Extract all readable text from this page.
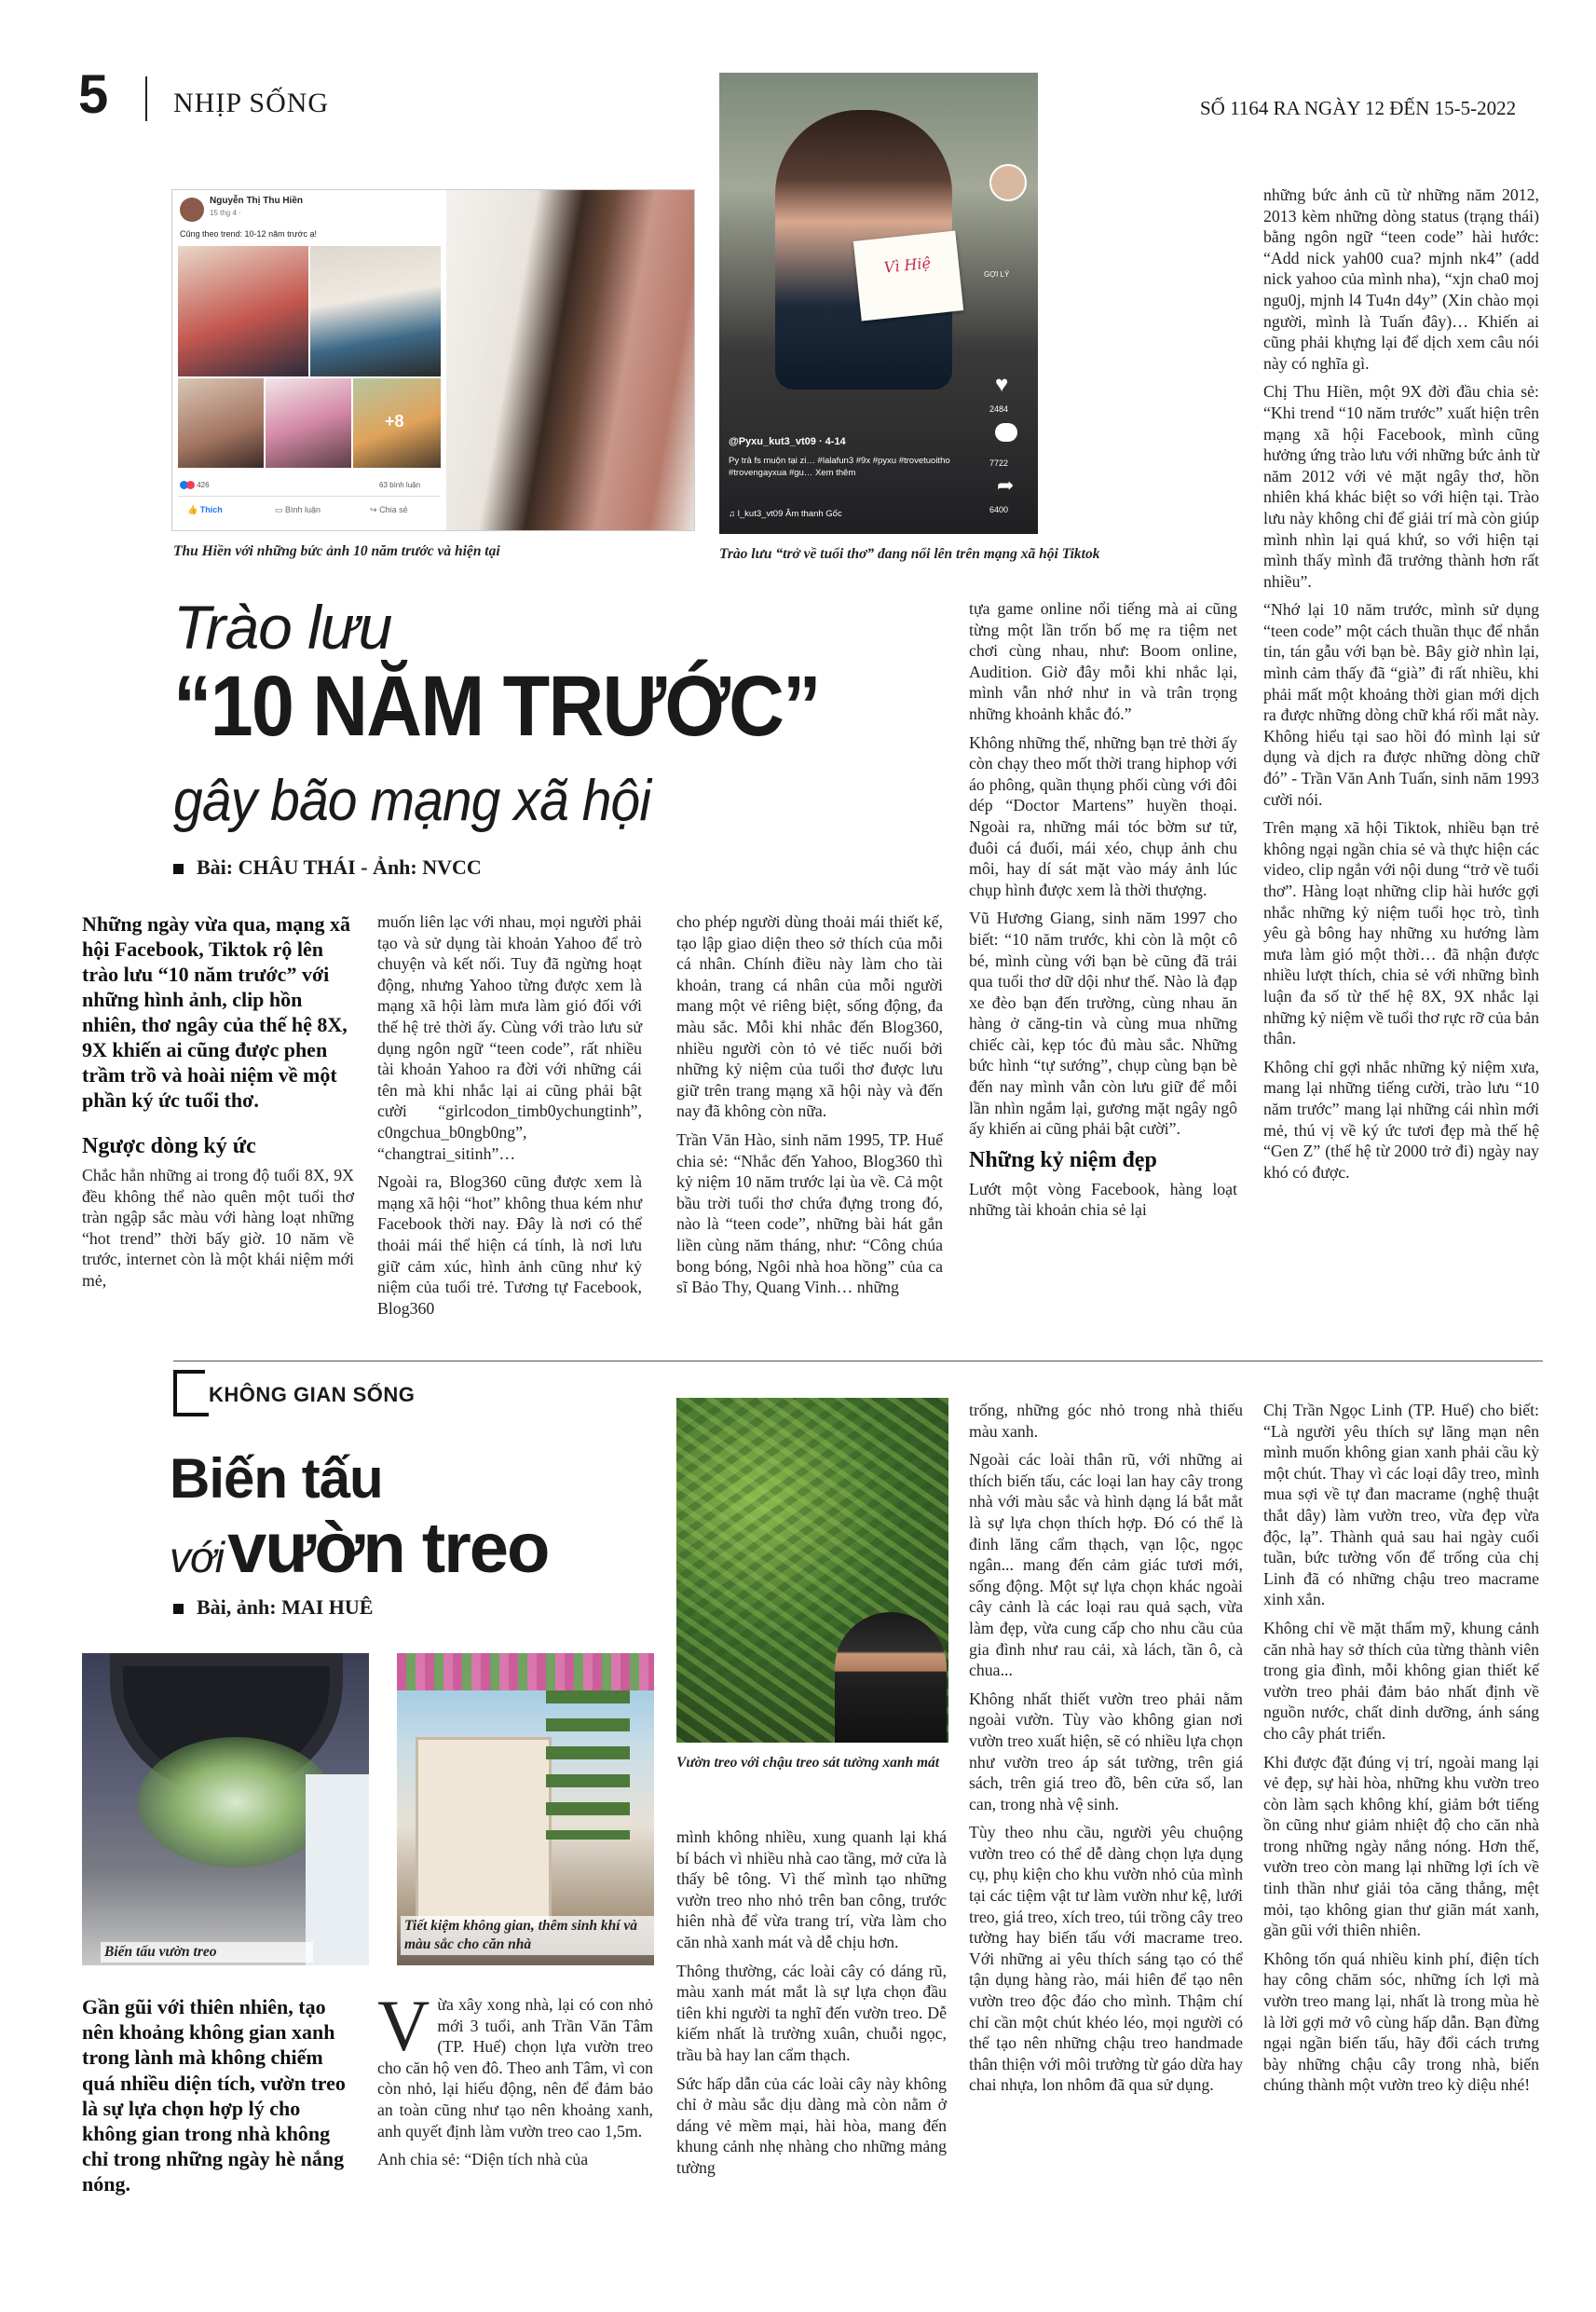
5 NHỊP SỐNG	SỐ 1164 RA NGÀY 12 ĐẾN 15-5-2022
Nguyễn Thị Thu Hiền
15 thg 4 ·
Cũng theo trend: 10-12 năm trước ạ!
+8
426	63 bình luận
👍 Thích	▭ Bình luận	↪ Chia sẻ
Thu Hiền với những bức ảnh 10 năm trước và hiện tại
Vì Hiệ	GỢI LÝ
♥
2484
7722
➦
6400
@Pyxu_kut3_vt09 · 4-14
Py trả fs muộn tại zi… #lalafun3 #9x #pyxu #trovetuoitho #trovengayxua #gu… Xem thêm
♫ l_kut3_vt09 Âm thanh Gốc
Trào lưu “trở về tuổi thơ” đang nổi lên trên mạng xã hội Tiktok
Trào lưu
“10 NĂM TRƯỚC”
gây bão mạng xã hội
Bài: CHÂU THÁI - Ảnh: NVCC
Những ngày vừa qua, mạng xã hội Facebook, Tiktok rộ lên trào lưu “10 năm trước” với những hình ảnh, clip hồn nhiên, thơ ngây của thế hệ 8X, 9X khiến ai cũng được phen trầm trồ và hoài niệm về một phần ký ức tuổi thơ.
Ngược dòng ký ức

Chắc hẳn những ai trong độ tuổi 8X, 9X đều không thể nào quên một tuổi thơ tràn ngập sắc màu với hàng loạt những “hot trend” thời bấy giờ. 10 năm về trước, internet còn là một khái niệm mới mẻ,

muốn liên lạc với nhau, mọi người phải tạo và sử dụng tài khoản Yahoo để trò chuyện và kết nối. Tuy đã ngừng hoạt động, nhưng Yahoo từng được xem là mạng xã hội làm mưa làm gió đối với thế hệ trẻ thời ấy. Cùng với trào lưu sử dụng ngôn ngữ “teen code”, rất nhiều tài khoản Yahoo ra đời với những cái tên mà khi nhắc lại ai cũng phải bật cười “girlcodon_timb0ychungtinh”, c0ngchua_b0ngb0ng”, “changtrai_sitinh”…

Ngoài ra, Blog360 cũng được xem là mạng xã hội “hot” không thua kém như Facebook thời nay. Đây là nơi có thể thoải mái thể hiện cá tính, là nơi lưu giữ cảm xúc, hình ảnh cũng như kỷ niệm của tuổi trẻ. Tương tự Facebook, Blog360

cho phép người dùng thoải mái thiết kế, tạo lập giao diện theo sở thích của mỗi cá nhân. Chính điều này làm cho tài khoản, trang cá nhân của mỗi người mang một vẻ riêng biệt, sống động, đa màu sắc. Mỗi khi nhắc đến Blog360, nhiều người còn tỏ vẻ tiếc nuối bởi những kỷ niệm của tuổi thơ được lưu giữ trên trang mạng xã hội này và đến nay đã không còn nữa.

Trần Văn Hào, sinh năm 1995, TP. Huế chia sẻ: “Nhắc đến Yahoo, Blog360 thì kỷ niệm 10 năm trước lại ùa về. Cả một bầu trời tuổi thơ chứa đựng trong đó, nào là “teen code”, những bài hát gắn liền cùng năm tháng, như: “Công chúa bong bóng, Ngôi nhà hoa hồng” của ca sĩ Bảo Thy, Quang Vinh… những

tựa game online nổi tiếng mà ai cũng từng một lần trốn bố mẹ ra tiệm net chơi cùng nhau, như: Boom online, Audition. Giờ đây mỗi khi nhắc lại, mình vẫn nhớ như in và trân trọng những khoảnh khắc đó.”

Không những thế, những bạn trẻ thời ấy còn chạy theo mốt thời trang hiphop với áo phông, quần thụng phối cùng với đôi dép “Doctor Martens” huyền thoại. Ngoài ra, những mái tóc bờm sư tử, đuôi cá đuối, mái xéo, chụp ảnh chu môi, hay dí sát mặt vào máy ảnh lúc chụp hình được xem là thời thượng.

Vũ Hương Giang, sinh năm 1997 cho biết: “10 năm trước, khi còn là một cô bé, mình cùng với bạn bè cũng đã trải qua tuổi thơ dữ dội như thế. Nào là đạp xe đèo bạn đến trường, cùng nhau ăn hàng ở căng-tin và cùng mua những chiếc cài, kẹp tóc đủ màu sắc. Những bức hình “tự sướng”, chụp cùng bạn bè đến nay mình vẫn còn lưu giữ để mỗi lần nhìn ngắm lại, gương mặt ngây ngô ấy khiến ai cũng phải bật cười”.

Những kỷ niệm đẹp

Lướt một vòng Facebook, hàng loạt những tài khoản chia sẻ lại

những bức ảnh cũ từ những năm 2012, 2013 kèm những dòng status (trạng thái) bằng ngôn ngữ “teen code” hài hước: “Add nick yah00 cua? mjnh nk4” (add nick yahoo của mình nha), “xjn cha0 moj ngu0j, mjnh l4 Tu4n d4y” (Xin chào mọi người, mình là Tuấn đây)… Khiến ai cũng phải khựng lại để dịch xem câu nói này có nghĩa gì.

Chị Thu Hiền, một 9X đời đầu chia sẻ: “Khi trend “10 năm trước” xuất hiện trên mạng xã hội Facebook, mình cũng hưởng ứng trào lưu với những bức ảnh từ năm 2012 với vẻ mặt ngây thơ, hồn nhiên khá khác biệt so với hiện tại. Trào lưu này không chỉ để giải trí mà còn giúp mình nhìn lại quá khứ, so với hiện tại mình thấy mình đã trưởng thành hơn rất nhiều”.

“Nhớ lại 10 năm trước, mình sử dụng “teen code” một cách thuần thục để nhắn tin, tán gẫu với bạn bè. Bây giờ nhìn lại, mình cảm thấy đã “già” đi rất nhiều, khi phải mất một khoảng thời gian mới dịch ra được những dòng chữ khá rối mắt này. Không hiểu tại sao hồi đó mình lại sử dụng và dịch ra được những dòng chữ đó” - Trần Văn Anh Tuấn, sinh năm 1993 cười nói.

Trên mạng xã hội Tiktok, nhiều bạn trẻ không ngại ngần chia sẻ và thực hiện các video, clip ngắn với nội dung “trở về tuổi thơ”. Hàng loạt những clip hài hước gợi nhắc những kỷ niệm tuổi học trò, tình yêu gà bông hay những xu hướng làm mưa làm gió một thời… đã nhận được nhiều lượt thích, chia sẻ với những bình luận đa số từ thế hệ 8X, 9X nhắc lại những kỷ niệm về tuổi thơ rực rỡ của bản thân.

Không chỉ gợi nhắc những kỷ niệm xưa, mang lại những tiếng cười, trào lưu “10 năm trước” mang lại những cái nhìn mới mẻ, thú vị về ký ức tươi đẹp mà thế hệ “Gen Z” (thế hệ từ 2000 trở đi) ngày nay khó có được.

KHÔNG GIAN SỐNG
Biến tấu
với vườn treo
Bài, ảnh: MAI HUÊ
Biến tấu vườn treo
Tiết kiệm không gian, thêm sinh khí và màu sắc cho căn nhà
Vườn treo với chậu treo sát tường xanh mát
Gần gũi với thiên nhiên, tạo nên khoảng không gian xanh trong lành mà không chiếm quá nhiều diện tích, vườn treo là sự lựa chọn hợp lý cho không gian trong nhà không chỉ trong những ngày hè nắng nóng.

Vừa xây xong nhà, lại có con nhỏ mới 3 tuổi, anh Trần Văn Tâm (TP. Huế) chọn lựa vườn treo cho căn hộ ven đô. Theo anh Tâm, vì con còn nhỏ, lại hiếu động, nên để đảm bảo an toàn cũng như tạo nên khoảng xanh, anh quyết định làm vườn treo cao 1,5m.

Anh chia sẻ: “Diện tích nhà của

mình không nhiều, xung quanh lại khá bí bách vì nhiều nhà cao tầng, mở cửa là thấy bê tông. Vì thế mình tạo những vườn treo nho nhỏ trên ban công, trước hiên nhà để vừa trang trí, vừa làm cho căn nhà xanh mát và dễ chịu hơn.

Thông thường, các loài cây có dáng rũ, màu xanh mát mắt là sự lựa chọn đầu tiên khi người ta nghĩ đến vườn treo. Dễ kiếm nhất là trường xuân, chuỗi ngọc, trầu bà hay lan cẩm thạch.

Sức hấp dẫn của các loài cây này không chỉ ở màu sắc dịu dàng mà còn nằm ở dáng vẻ mềm mại, hài hòa, mang đến khung cảnh nhẹ nhàng cho những mảng tường

trống, những góc nhỏ trong nhà thiếu màu xanh.

Ngoài các loài thân rũ, với những ai thích biến tấu, các loại lan hay cây trong nhà với màu sắc và hình dạng lá bắt mắt là sự lựa chọn thích hợp. Đó có thể là đinh lăng cẩm thạch, vạn lộc, ngọc ngân... mang đến cảm giác tươi mới, sống động. Một sự lựa chọn khác ngoài cây cảnh là các loại rau quả sạch, vừa làm đẹp, vừa cung cấp cho nhu cầu của gia đình như rau cải, xà lách, tần ô, cà chua...

Không nhất thiết vườn treo phải nằm ngoài vườn. Tùy vào không gian nơi vườn treo xuất hiện, sẽ có nhiều lựa chọn như vườn treo áp sát tường, trên giá sách, trên giá treo đồ, bên cửa sổ, lan can, trong nhà vệ sinh.

Tùy theo nhu cầu, người yêu chuộng vườn treo có thể dễ dàng chọn lựa dụng cụ, phụ kiện cho khu vườn nhỏ của mình tại các tiệm vật tư làm vườn như kệ, lưới treo, giá treo, xích treo, túi trồng cây treo tường hay biến tấu với macrame treo. Với những ai yêu thích sáng tạo có thể tận dụng hàng rào, mái hiên để tạo nên vườn treo độc đáo cho mình. Thậm chí chỉ cần một chút khéo léo, mọi người có thể tạo nên những chậu treo handmade thân thiện với môi trường từ gáo dừa hay chai nhựa, lon nhôm đã qua sử dụng.

Chị Trần Ngọc Linh (TP. Huế) cho biết: “Là người yêu thích sự lãng mạn nên mình muốn không gian xanh phải cầu kỳ một chút. Thay vì các loại dây treo, mình mua sợi về tự đan macrame (nghệ thuật thắt dây) làm vườn treo, vừa đẹp vừa độc, lạ”. Thành quả sau hai ngày cuối tuần, bức tường vốn để trống của chị Linh đã có những chậu treo macrame xinh xắn.

Không chỉ về mặt thẩm mỹ, khung cảnh căn nhà hay sở thích của từng thành viên trong gia đình, mỗi không gian thiết kế vườn treo phải đảm bảo nhất định về nguồn nước, chất dinh dưỡng, ánh sáng cho cây phát triển.

Khi được đặt đúng vị trí, ngoài mang lại vẻ đẹp, sự hài hòa, những khu vườn treo còn làm sạch không khí, giảm bớt tiếng ồn cũng như giảm nhiệt độ cho căn nhà trong những ngày nắng nóng. Hơn thế, vườn treo còn mang lại những lợi ích về tinh thần như giải tỏa căng thẳng, mệt mỏi, tạo không gian thư giãn mát xanh, gần gũi với thiên nhiên.

Không tốn quá nhiều kinh phí, điện tích hay công chăm sóc, những ích lợi mà vườn treo mang lại, nhất là trong mùa hè là lời gợi mở vô cùng hấp dẫn. Bạn đừng ngại ngần biến tấu, hãy đổi cách trưng bày những chậu cây trong nhà, biến chúng thành một vườn treo kỳ diệu nhé!
